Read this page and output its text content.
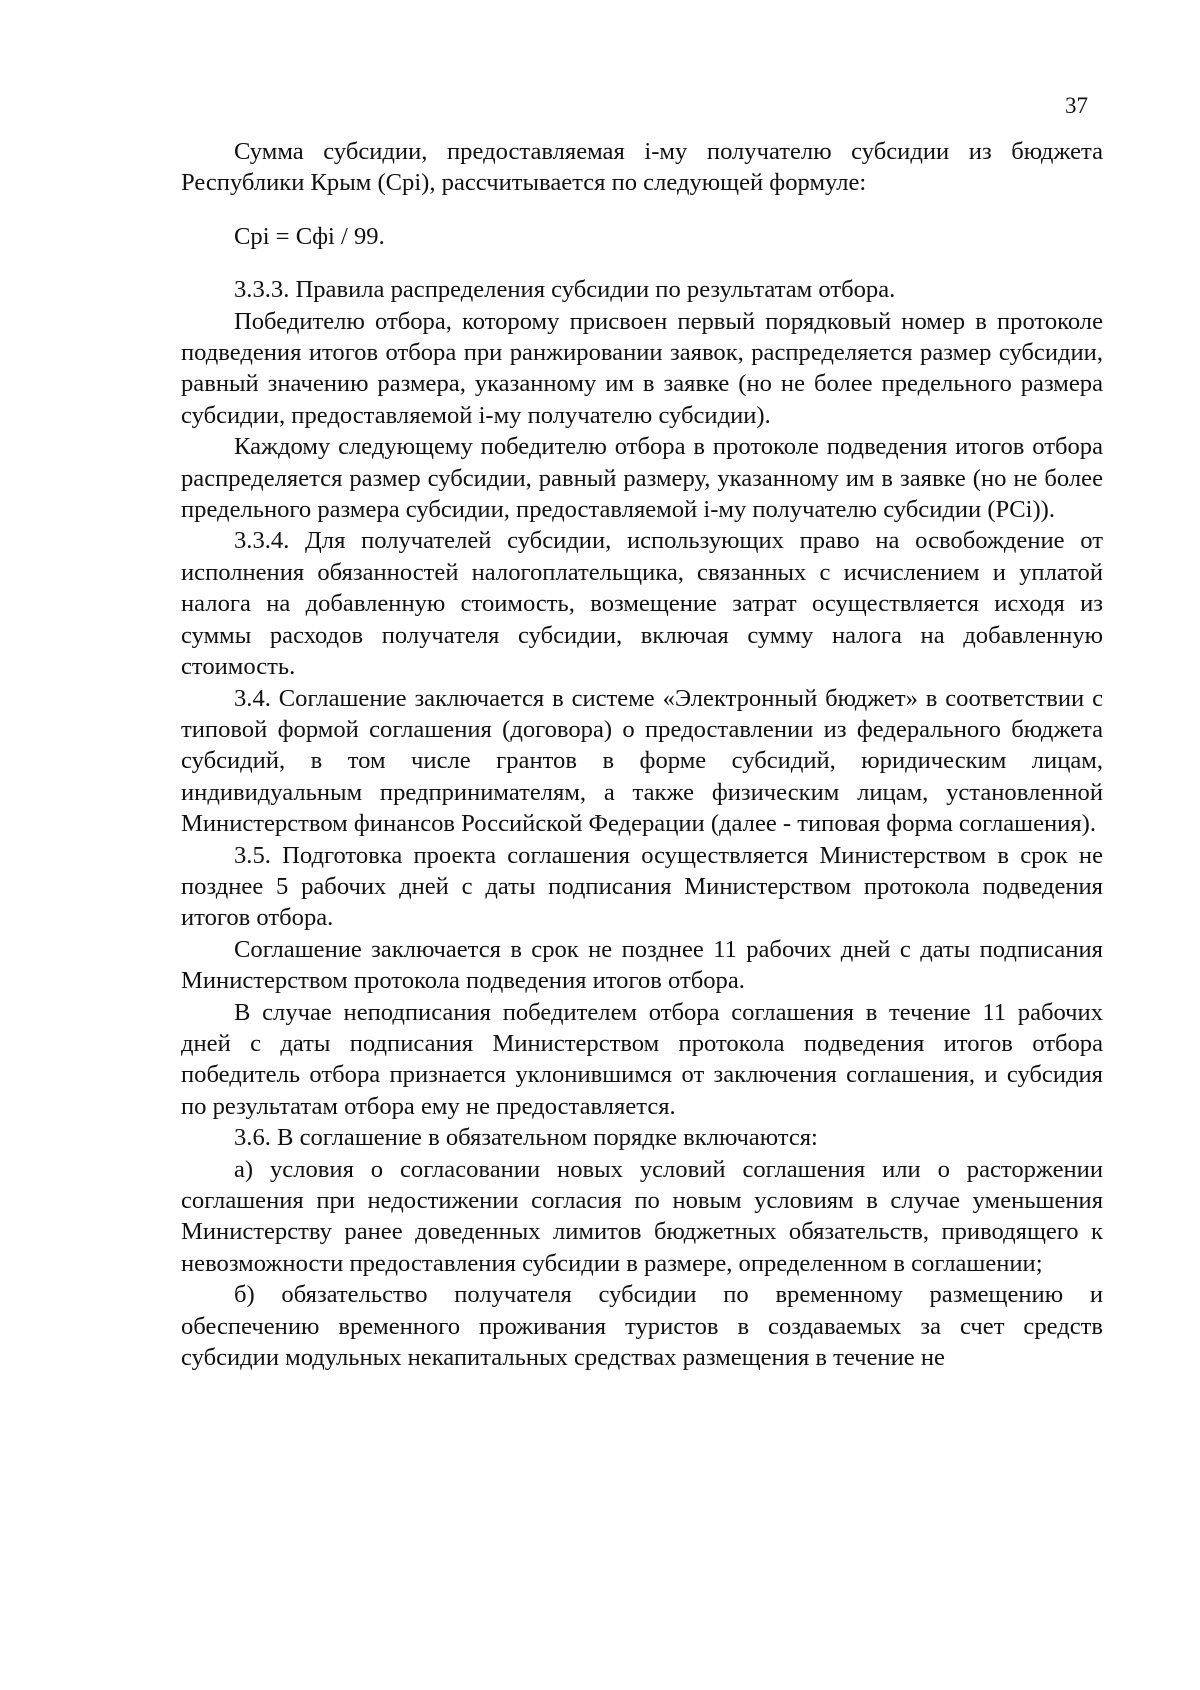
37

Сумма субсидии, предоставляемая i-му получателю субсидии из бюджета Республики Крым (Срi), рассчитывается по следующей формуле:

Срi = Сфi / 99.

3.3.3. Правила распределения субсидии по результатам отбора.

Победителю отбора, которому присвоен первый порядковый номер в протоколе подведения итогов отбора при ранжировании заявок, распределяется размер субсидии, равный значению размера, указанному им в заявке (но не более предельного размера субсидии, предоставляемой i-му получателю субсидии).

Каждому следующему победителю отбора в протоколе подведения итогов отбора распределяется размер субсидии, равный размеру, указанному им в заявке (но не более предельного размера субсидии, предоставляемой i-му получателю субсидии (PCi)).

3.3.4. Для получателей субсидии, использующих право на освобождение от исполнения обязанностей налогоплательщика, связанных с исчислением и уплатой налога на добавленную стоимость, возмещение затрат осуществляется исходя из суммы расходов получателя субсидии, включая сумму налога на добавленную стоимость.

3.4. Соглашение заключается в системе «Электронный бюджет» в соответствии с типовой формой соглашения (договора) о предоставлении из федерального бюджета субсидий, в том числе грантов в форме субсидий, юридическим лицам, индивидуальным предпринимателям, а также физическим лицам, установленной Министерством финансов Российской Федерации (далее - типовая форма соглашения).

3.5. Подготовка проекта соглашения осуществляется Министерством в срок не позднее 5 рабочих дней с даты подписания Министерством протокола подведения итогов отбора.

Соглашение заключается в срок не позднее 11 рабочих дней с даты подписания Министерством протокола подведения итогов отбора.

В случае неподписания победителем отбора соглашения в течение 11 рабочих дней с даты подписания Министерством протокола подведения итогов отбора победитель отбора признается уклонившимся от заключения соглашения, и субсидия по результатам отбора ему не предоставляется.

3.6. В соглашение в обязательном порядке включаются:

а) условия о согласовании новых условий соглашения или о расторжении соглашения при недостижении согласия по новым условиям в случае уменьшения Министерству ранее доведенных лимитов бюджетных обязательств, приводящего к невозможности предоставления субсидии в размере, определенном в соглашении;

б) обязательство получателя субсидии по временному размещению и обеспечению временного проживания туристов в создаваемых за счет средств субсидии модульных некапитальных средствах размещения в течение не
